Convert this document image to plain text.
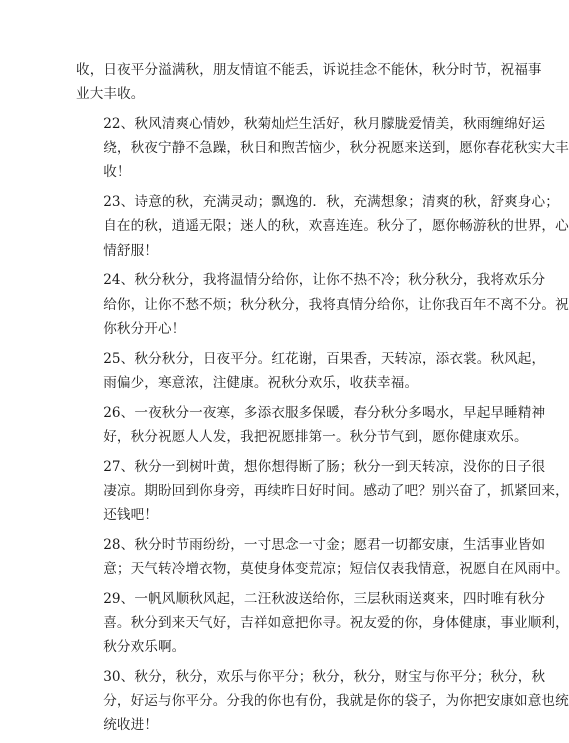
收，日夜平分溢满秋，朋友情谊不能丢，诉说挂念不能休，秋分时节，祝福事
业大丰收。

22、秋风清爽心情妙，秋菊灿烂生活好，秋月朦胧爱情美，秋雨缠绵好运
绕，秋夜宁静不急躁，秋日和煦苦恼少，秋分祝愿来送到，愿你春花秋实大丰
收！

23、诗意的秋，充满灵动；飘逸的．秋，充满想象；清爽的秋，舒爽身心；
自在的秋，逍遥无限；迷人的秋，欢喜连连。秋分了，愿你畅游秋的世界，心
情舒服！

24、秋分秋分，我将温情分给你，让你不热不冷；秋分秋分，我将欢乐分
给你，让你不愁不烦；秋分秋分，我将真情分给你，让你我百年不离不分。祝
你秋分开心！

25、秋分秋分，日夜平分。红花谢，百果香，天转凉，添衣裳。秋风起，
雨偏少，寒意浓，注健康。祝秋分欢乐，收获幸福。

26、一夜秋分一夜寒，多添衣服多保暖，春分秋分多喝水，早起早睡精神
好，秋分祝愿人人发，我把祝愿排第一。秋分节气到，愿你健康欢乐。

27、秋分一到树叶黄，想你想得断了肠；秋分一到天转凉，没你的日子很
凄凉。期盼回到你身旁，再续昨日好时间。感动了吧？别兴奋了，抓紧回来，
还钱吧！

28、秋分时节雨纷纷，一寸思念一寸金；愿君一切都安康，生活事业皆如
意；天气转冷增衣物，莫使身体变荒凉；短信仅表我情意，祝愿自在风雨中。

29、一帆风顺秋风起，二汪秋波送给你，三层秋雨送爽来，四时唯有秋分
喜。秋分到来天气好，吉祥如意把你寻。祝友爱的你，身体健康，事业顺利，
秋分欢乐啊。

30、秋分，秋分，欢乐与你平分；秋分，秋分，财宝与你平分；秋分，秋
分，好运与你平分。分我的你也有份，我就是你的袋子，为你把安康如意也统
统收进！
